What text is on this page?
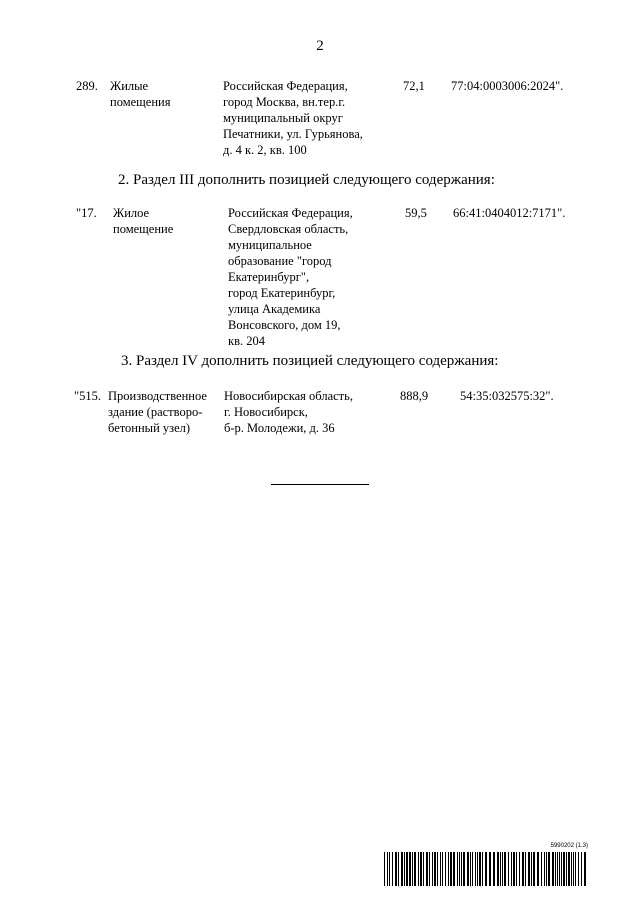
2
289. Жилые
помещения
Российская Федерация,
город Москва, вн.тер.г.
муниципальный округ
Печатники, ул. Гурьянова,
д. 4 к. 2, кв. 100
72,1 77:04:0003006:2024".
2. Раздел III дополнить позицией следующего содержания:
"17. Жилое
помещение
Российская Федерация,
Свердловская область,
муниципальное
образование "город
Екатеринбург",
город Екатеринбург,
улица Академика
Вонсовского, дом 19,
кв. 204
59,5 66:41:0404012:7171".
3. Раздел IV дополнить позицией следующего содержания:
"515. Производственное
здание (растворо-
бетонный узел)
Новосибирская область,
г. Новосибирск,
б-р. Молодежи, д. 36
888,9	54:35:032575:32".
5990202 (1.3)
